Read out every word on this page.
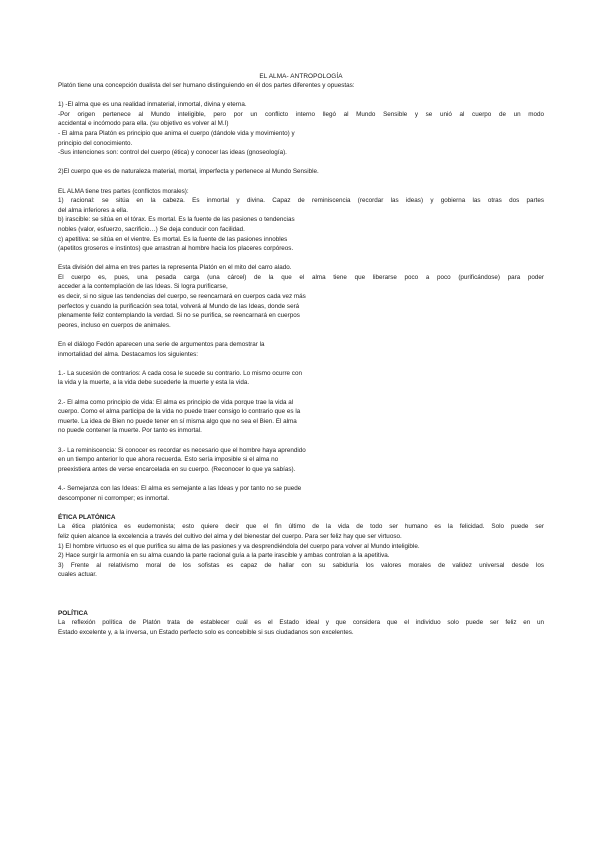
EL ALMA- ANTROPOLOGÍA
Platón tiene una concepción dualista del ser humano distinguiendo en él dos partes diferentes y opuestas:
1) -El alma que es una realidad inmaterial, inmortal, divina y eterna.
-Por origen pertenece al Mundo inteligible, pero por un conflicto interno llegó al Mundo Sensible y se unió al cuerpo de un modo
accidental e incómodo para ella. (su objetivo es volver al M.I)
- El alma para Platón es principio que anima el cuerpo (dándole vida y movimiento) y
principio del conocimiento.
-Sus intenciones son: control del cuerpo (ética) y conocer las ideas (gnoseología).
2)El cuerpo que es de naturaleza material, mortal, imperfecta y pertenece al Mundo Sensible.
EL ALMA tiene tres partes (conflictos morales):
1) racional: se sitúa en la cabeza. Es inmortal y divina. Capaz de reminiscencia (recordar las ideas) y gobierna las otras dos partes
del alma inferiores a ella.
b) irascible: se sitúa en el tórax. Es mortal. Es la fuente de las pasiones o tendencias
nobles (valor, esfuerzo, sacrificio…) Se deja conducir con facilidad.
c) apetitiva: se sitúa en el vientre. Es mortal. Es la fuente de las pasiones innobles
(apetitos groseros e instintos) que arrastran al hombre hacia los placeres corpóreos.
Esta división del alma en tres partes la representa Platón en el mito del carro alado.
El cuerpo es, pues, una pesada carga (una cárcel) de la que el alma tiene que liberarse poco a poco (purificándose) para poder
acceder a la contemplación de las Ideas. Si logra purificarse,
es decir, si no sigue las tendencias del cuerpo, se reencarnará en cuerpos cada vez más
perfectos y cuando la purificación sea total, volverá al Mundo de las Ideas, donde será
plenamente feliz contemplando la verdad. Si no se purifica, se reencarnará en cuerpos
peores, incluso en cuerpos de animales.
En el diálogo Fedón aparecen una serie de argumentos para demostrar la
inmortalidad del alma. Destacamos los siguientes:
1.- La sucesión de contrarios: A cada cosa le sucede su contrario. Lo mismo ocurre con
la vida y la muerte, a la vida debe sucederle la muerte y esta la vida.
2.- El alma como principio de vida: El alma es principio de vida porque trae la vida al
cuerpo. Como el alma participa de la vida no puede traer consigo lo contrario que es la
muerte. La idea de Bien no puede tener en sí misma algo que no sea el Bien. El alma
no puede contener la muerte. Por tanto es inmortal.
3.- La reminiscencia: Si conocer es recordar es necesario que el hombre haya aprendido
en un tiempo anterior lo que ahora recuerda. Esto sería imposible si el alma no
preexistiera antes de verse encarcelada en su cuerpo. (Reconocer lo que ya sabías).
4.- Semejanza con las Ideas: El alma es semejante a las Ideas y por tanto no se puede
descomponer ni corromper; es inmortal.
ÉTICA PLATÓNICA
La ética platónica es eudemonista; esto quiere decir que el fin último de la vida de todo ser humano es la felicidad. Solo puede ser
feliz quien alcance la excelencia a través del cultivo del alma y del bienestar del cuerpo. Para ser feliz hay que ser virtuoso.
1) El hombre virtuoso es el que purifica su alma de las pasiones y va desprendiéndola del cuerpo para volver al Mundo inteligible.
2) Hace surgir la armonía en su alma cuando la parte racional guía a la parte irascible y ambas controlan a la apetitiva.
3) Frente al relativismo moral de los sofistas es capaz de hallar con su sabiduría los valores morales de validez universal desde los
cuales actuar.
POLÍTICA
La reflexión política de Platón trata de establecer cuál es el Estado ideal y que considera que el individuo solo puede ser feliz en un
Estado excelente y, a la inversa, un Estado perfecto solo es concebible si sus ciudadanos son excelentes.
